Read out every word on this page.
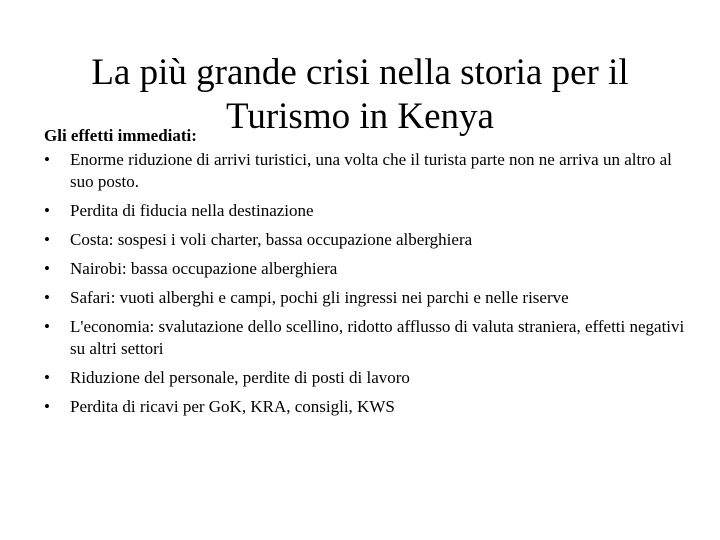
La più grande crisi nella storia per il
Turismo in Kenya
Gli effetti immediati:
• Enorme riduzione di arrivi turistici, una volta che il turista parte non ne arriva un altro al suo posto.
• Perdita di fiducia nella destinazione
• Costa: sospesi i voli charter, bassa occupazione alberghiera
• Nairobi: bassa occupazione alberghiera
• Safari: vuoti alberghi e campi, pochi gli ingressi nei parchi e nelle riserve
• L'economia: svalutazione dello scellino, ridotto afflusso di valuta straniera, effetti negativi su altri settori
• Riduzione del personale, perdite di posti di lavoro
• Perdita di ricavi per GoK, KRA, consigli, KWS
